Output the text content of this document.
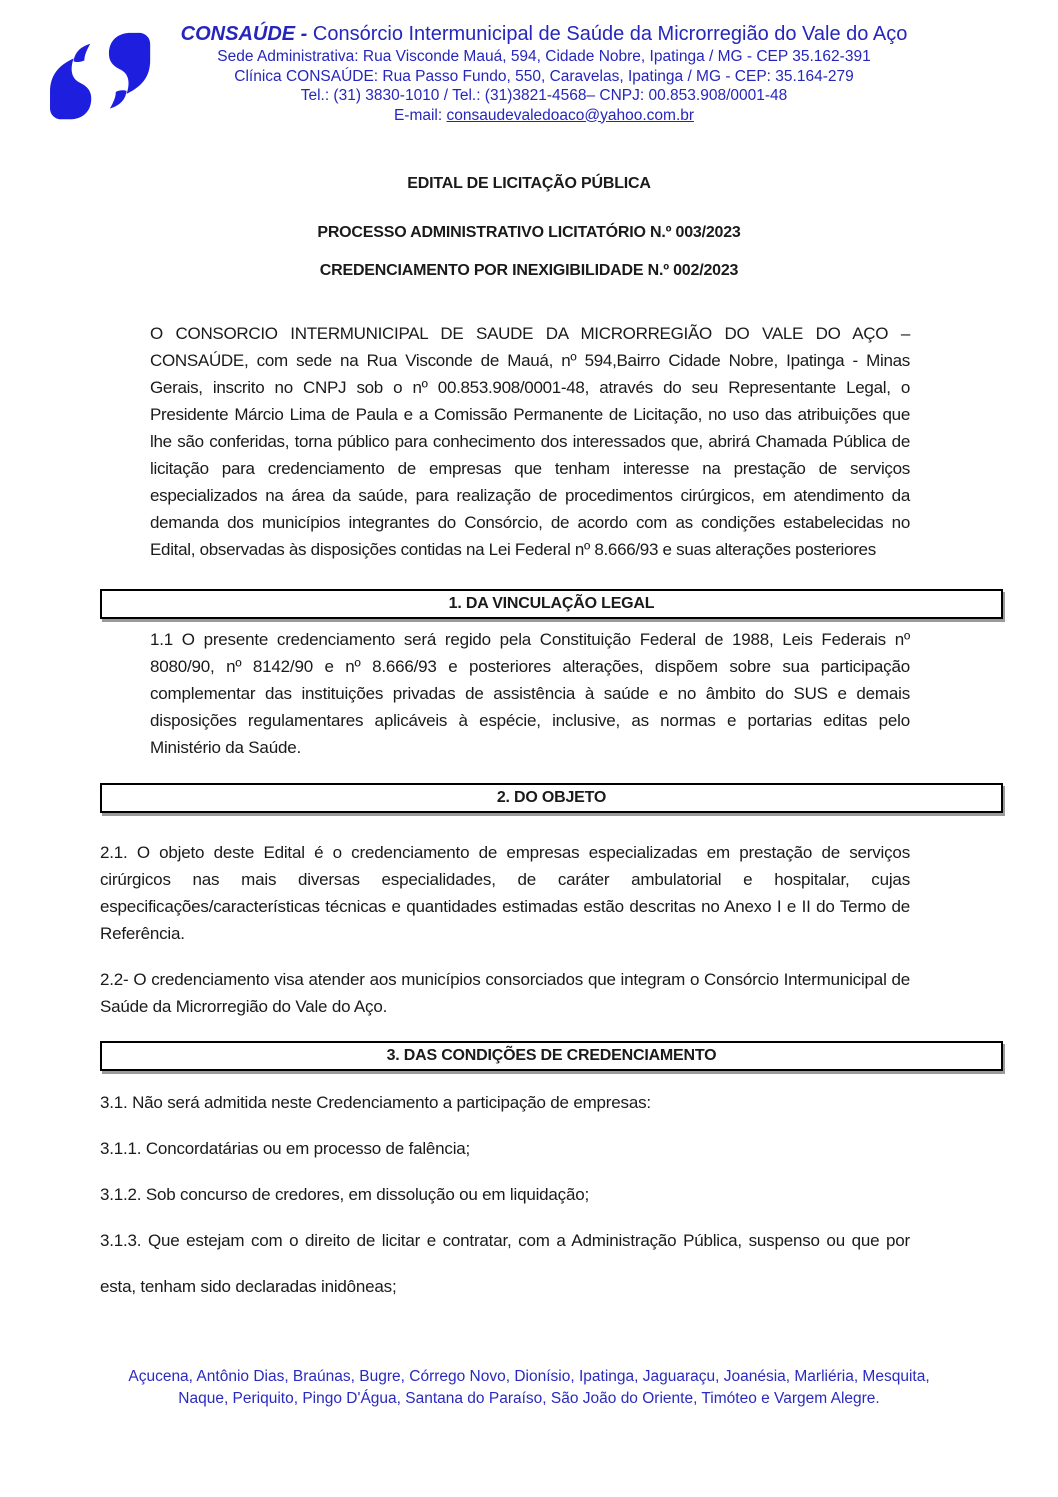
CONSAÚDE - Consórcio Intermunicipal de Saúde da Microrregião do Vale do Aço
Sede Administrativa: Rua Visconde Mauá, 594, Cidade Nobre, Ipatinga / MG - CEP 35.162-391
Clínica CONSAÚDE: Rua Passo Fundo, 550, Caravelas, Ipatinga / MG - CEP: 35.164-279
Tel.: (31) 3830-1010 / Tel.: (31)3821-4568– CNPJ: 00.853.908/0001-48
E-mail: consaudevaledoaco@yahoo.com.br
EDITAL DE LICITAÇÃO PÚBLICA
PROCESSO ADMINISTRATIVO LICITATÓRIO N.º 003/2023
CREDENCIAMENTO POR INEXIGIBILIDADE N.º 002/2023

O CONSORCIO INTERMUNICIPAL DE SAUDE DA MICRORREGIÃO DO VALE DO AÇO – CONSAÚDE, com sede na Rua Visconde de Mauá, nº 594,Bairro Cidade Nobre, Ipatinga - Minas Gerais, inscrito no CNPJ sob o nº 00.853.908/0001-48, através do seu Representante Legal, o Presidente Márcio Lima de Paula e a Comissão Permanente de Licitação, no uso das atribuições que lhe são conferidas, torna público para conhecimento dos interessados que, abrirá Chamada Pública de licitação para credenciamento de empresas que tenham interesse na prestação de serviços especializados na área da saúde, para realização de procedimentos cirúrgicos, em atendimento da demanda dos municípios integrantes do Consórcio, de acordo com as condições estabelecidas no Edital, observadas às disposições contidas na Lei Federal nº 8.666/93 e suas alterações posteriores

1. DA VINCULAÇÃO LEGAL

1.1 O presente credenciamento será regido pela Constituição Federal de 1988, Leis Federais nº 8080/90, nº 8142/90 e nº 8.666/93 e posteriores alterações, dispõem sobre sua participação complementar das instituições privadas de assistência à saúde e no âmbito do SUS e demais disposições regulamentares aplicáveis à espécie, inclusive, as normas e portarias editas pelo Ministério da Saúde.

2. DO OBJETO

2.1. O objeto deste Edital é o credenciamento de empresas especializadas em prestação de serviços cirúrgicos nas mais diversas especialidades, de caráter ambulatorial e hospitalar, cujas especificações/características técnicas e quantidades estimadas estão descritas no Anexo I e II do Termo de Referência.

2.2- O credenciamento visa atender aos municípios consorciados que integram o Consórcio Intermunicipal de Saúde da Microrregião do Vale do Aço.

3. DAS CONDIÇÕES DE CREDENCIAMENTO

3.1. Não será admitida neste Credenciamento a participação de empresas:

3.1.1. Concordatárias ou em processo de falência;

3.1.2. Sob concurso de credores, em dissolução ou em liquidação;

3.1.3. Que estejam com o direito de licitar e contratar, com a Administração Pública, suspenso ou que por esta, tenham sido declaradas inidôneas;

Açucena, Antônio Dias, Braúnas, Bugre, Córrego Novo, Dionísio, Ipatinga, Jaguaraçu, Joanésia, Marliéria, Mesquita, Naque, Periquito, Pingo D'Água, Santana do Paraíso, São João do Oriente, Timóteo e Vargem Alegre.
